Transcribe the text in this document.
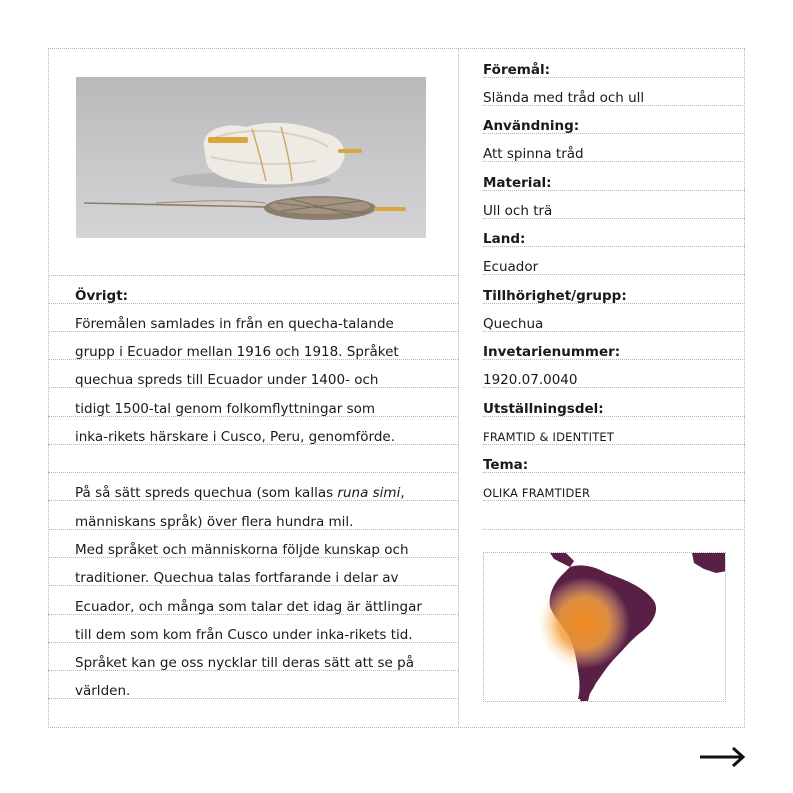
Föremål:
Slända med tråd och ull
Användning:
Att spinna tråd
Material:
Ull och trä
Land:
Ecuador
Tillhörighet/grupp:
Quechua
Invetarienummer:
1920.07.0040
Utställningsdel:
FRAMTID & IDENTITET
Tema:
OLIKA FRAMTIDER
Övrigt:
Föremålen samlades in från en quecha-talande
grupp i Ecuador mellan 1916 och 1918. Språket
quechua spreds till Ecuador under 1400- och
tidigt 1500-tal genom folkomflyttningar som
inka-rikets härskare i Cusco, Peru, genomförde.
På så sätt spreds quechua (som kallas runa simi,
människans språk) över flera hundra mil.
Med språket och människorna följde kunskap och
traditioner. Quechua talas fortfarande i delar av
Ecuador, och många som talar det idag är ättlingar
till dem som kom från Cusco under inka-rikets tid.
Språket kan ge oss nycklar till deras sätt att se på
världen.
